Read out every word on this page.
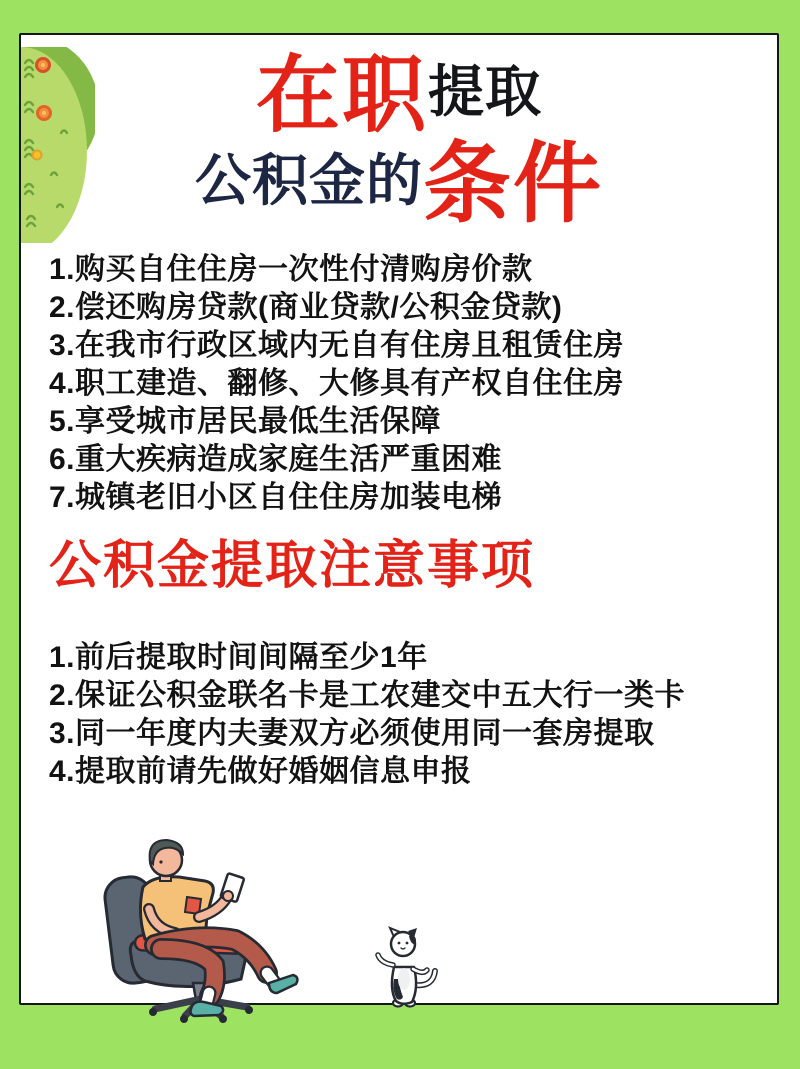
在职 提取
公积金的 条件
1.购买自住住房一次性付清购房价款
2.偿还购房贷款(商业贷款/公积金贷款)
3.在我市行政区域内无自有住房且租赁住房
4.职工建造、翻修、大修具有产权自住住房
5.享受城市居民最低生活保障
6.重大疾病造成家庭生活严重困难
7.城镇老旧小区自住住房加装电梯
公积金提取注意事项
1.前后提取时间间隔至少1年
2.保证公积金联名卡是工农建交中五大行一类卡
3.同一年度内夫妻双方必须使用同一套房提取
4.提取前请先做好婚姻信息申报
